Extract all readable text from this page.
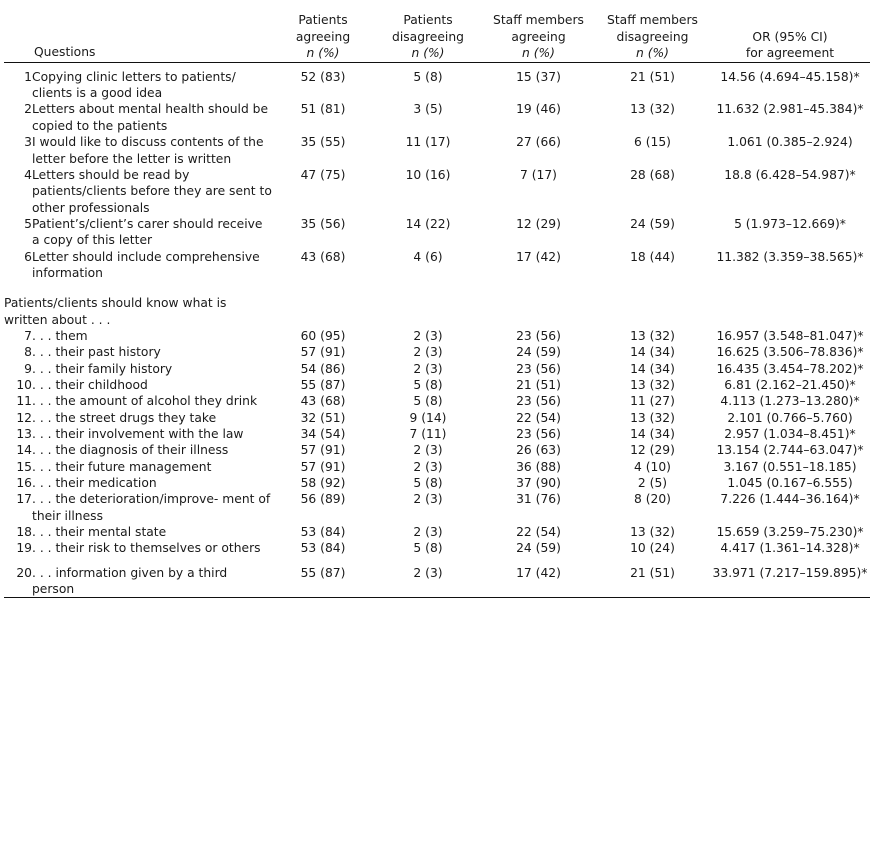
	Questions	Patients
agreeing
n (%)	Patients
disagreeing
n (%)	Staff members
agreeing
n (%)	Staff members
disagreeing
n (%)	OR (95% CI)
for agreement

1	Copying clinic letters to patients/ clients is a good idea	52 (83)	5 (8)	15 (37)	21 (51)	14.56 (4.694–45.158)*
2	Letters about mental health should be copied to the patients	51 (81)	3 (5)	19 (46)	13 (32)	11.632 (2.981–45.384)*
3	I would like to discuss contents of the letter before the letter is written	35 (55)	11 (17)	27 (66)	6 (15)	1.061 (0.385–2.924)
4	Letters should be read by patients/clients before they are sent to other professionals	47 (75)	10 (16)	7 (17)	28 (68)	18.8 (6.428–54.987)*
5	Patient’s/client’s carer should receive a copy of this letter	35 (56)	14 (22)	12 (29)	24 (59)	5 (1.973–12.669)*
6	Letter should include comprehensive information	43 (68)	4 (6)	17 (42)	18 (44)	11.382 (3.359–38.565)*

Patients/clients should know what is written about . . .						

7	. . . them	60 (95)	2 (3)	23 (56)	13 (32)	16.957 (3.548–81.047)*
8	. . . their past history	57 (91)	2 (3)	24 (59)	14 (34)	16.625 (3.506–78.836)*
9	. . . their family history	54 (86)	2 (3)	23 (56)	14 (34)	16.435 (3.454–78.202)*
10	. . . their childhood	55 (87)	5 (8)	21 (51)	13 (32)	6.81 (2.162–21.450)*
11	. . . the amount of alcohol they drink	43 (68)	5 (8)	23 (56)	11 (27)	4.113 (1.273–13.280)*
12	. . . the street drugs they take	32 (51)	9 (14)	22 (54)	13 (32)	2.101 (0.766–5.760)
13	. . . their involvement with the law	34 (54)	7 (11)	23 (56)	14 (34)	2.957 (1.034–8.451)*
14	. . . the diagnosis of their illness	57 (91)	2 (3)	26 (63)	12 (29)	13.154 (2.744–63.047)*
15	. . . their future management	57 (91)	2 (3)	36 (88)	4 (10)	3.167 (0.551–18.185)
16	. . . their medication	58 (92)	5 (8)	37 (90)	2 (5)	1.045 (0.167–6.555)
17	. . . the deterioration/improve- ment of their illness	56 (89)	2 (3)	31 (76)	8 (20)	7.226 (1.444–36.164)*
18	. . . their mental state	53 (84)	2 (3)	22 (54)	13 (32)	15.659 (3.259–75.230)*
19	. . . their risk to themselves or others	53 (84)	5 (8)	24 (59)	10 (24)	4.417 (1.361–14.328)*

20	. . . information given by a third person	55 (87)	2 (3)	17 (42)	21 (51)	33.971 (7.217–159.895)*
